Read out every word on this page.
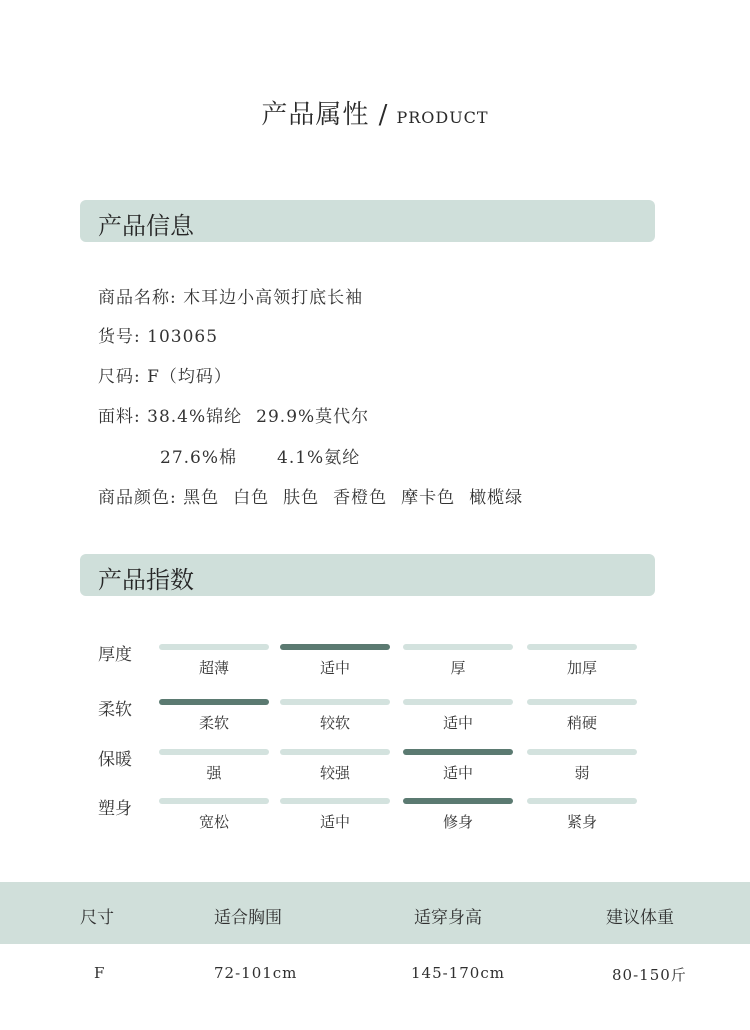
产品属性 / PRODUCT
产品信息
商品名称: 木耳边小高领打底长袖
货号: 103065
尺码: F（均码）
面料: 38.4%锦纶 29.9%莫代尔
27.6%棉 4.1%氨纶
商品颜色: 黑色 白色 肤色 香橙色 摩卡色 橄榄绿
产品指数
厚度
超薄	适中	厚	加厚
柔软
柔软	较软	适中	稍硬
保暖
强	较强	适中	弱
塑身
宽松	适中	修身	紧身
尺寸	适合胸围	适穿身高	建议体重
F	72-101cm	145-170cm	80-150斤
